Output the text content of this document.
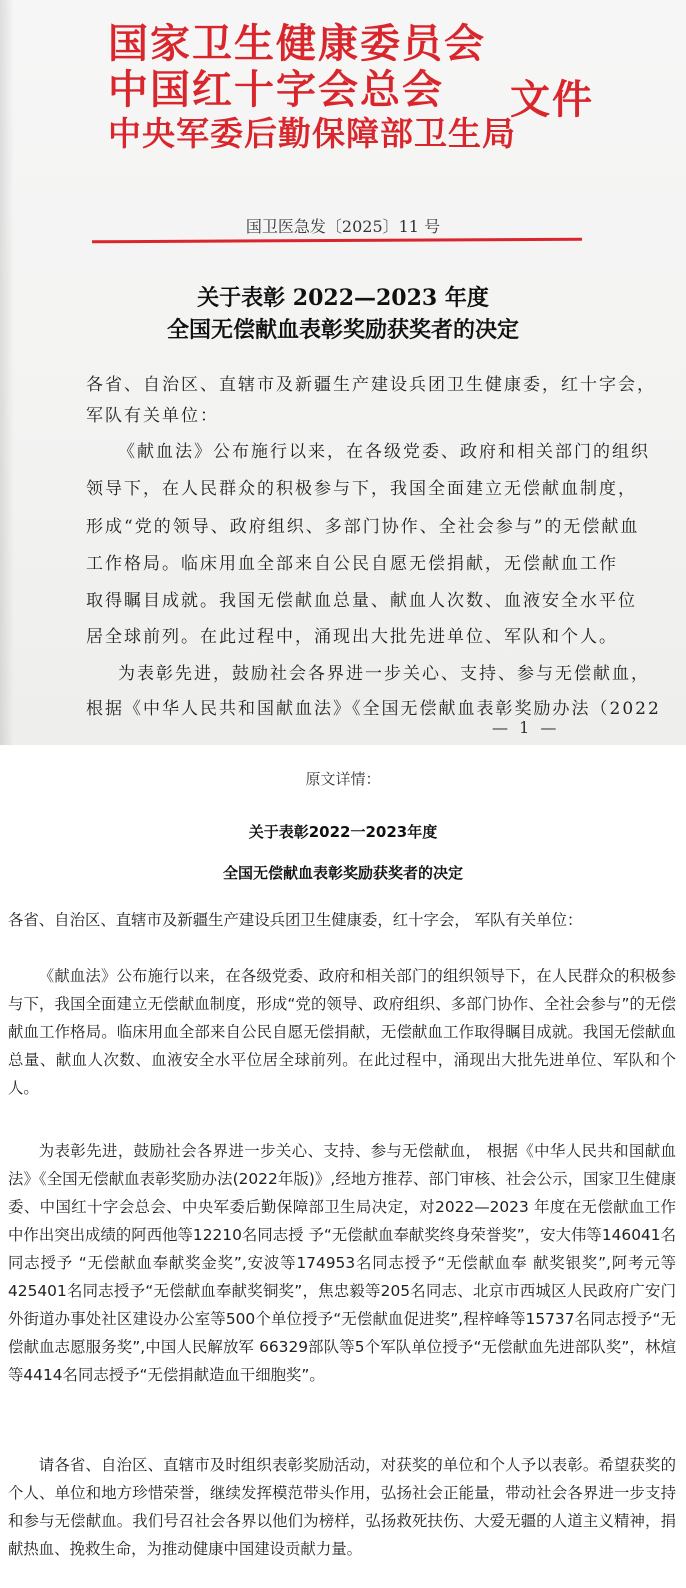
国家卫生健康委员会
中国红十字会总会
中央军委后勤保障部卫生局
文件
国卫医急发〔2025〕11 号
关于表彰 2022—2023 年度
全国无偿献血表彰奖励获奖者的决定
各省、自治区、直辖市及新疆生产建设兵团卫生健康委，红十字会，
军队有关单位：
《献血法》公布施行以来，在各级党委、政府和相关部门的组织
领导下，在人民群众的积极参与下，我国全面建立无偿献血制度，
形成“党的领导、政府组织、多部门协作、全社会参与”的无偿献血
工作格局。临床用血全部来自公民自愿无偿捐献，无偿献血工作
取得瞩目成就。我国无偿献血总量、献血人次数、血液安全水平位
居全球前列。在此过程中，涌现出大批先进单位、军队和个人。
为表彰先进，鼓励社会各界进一步关心、支持、参与无偿献血，
根据《中华人民共和国献血法》《全国无偿献血表彰奖励办法（2022
— 1 —
原文详情：
关于表彰2022一2023年度
全国无偿献血表彰奖励获奖者的决定

各省、自治区、直辖市及新疆生产建设兵团卫生健康委，红十字会， 军队有关单位：

《献血法》公布施行以来，在各级党委、政府和相关部门的组织领导下，在人民群众的积极参与下，我国全面建立无偿献血制度，形成“党的领导、政府组织、多部门协作、全社会参与”的无偿献血工作格局。临床用血全部来自公民自愿无偿捐献，无偿献血工作取得瞩目成就。我国无偿献血总量、献血人次数、血液安全水平位居全球前列。在此过程中，涌现出大批先进单位、军队和个人。

为表彰先进，鼓励社会各界进一步关心、支持、参与无偿献血， 根据《中华人民共和国献血法》《全国无偿献血表彰奖励办法(2022年版)》,经地方推荐、部门审核、社会公示，国家卫生健康委、中国红十字会总会、中央军委后勤保障部卫生局决定，对2022—2023 年度在无偿献血工作中作出突出成绩的阿西他等12210名同志授 予“无偿献血奉献奖终身荣誉奖”，安大伟等146041名同志授予 “无偿献血奉献奖金奖”,安波等174953名同志授予“无偿献血奉 献奖银奖”,阿考元等425401名同志授予“无偿献血奉献奖铜奖”，焦忠毅等205名同志、北京市西城区人民政府广安门外街道办事处社区建设办公室等500个单位授予“无偿献血促进奖”,程梓峰等15737名同志授予“无偿献血志愿服务奖”,中国人民解放军 66329部队等5个军队单位授予“无偿献血先进部队奖”，林煊等4414名同志授予“无偿捐献造血干细胞奖”。

请各省、自治区、直辖市及时组织表彰奖励活动，对获奖的单位和个人予以表彰。希望获奖的个人、单位和地方珍惜荣誉，继续发挥模范带头作用，弘扬社会正能量，带动社会各界进一步支持和参与无偿献血。我们号召社会各界以他们为榜样，弘扬救死扶伤、大爱无疆的人道主义精神，捐献热血、挽救生命，为推动健康中国建设贡献力量。
